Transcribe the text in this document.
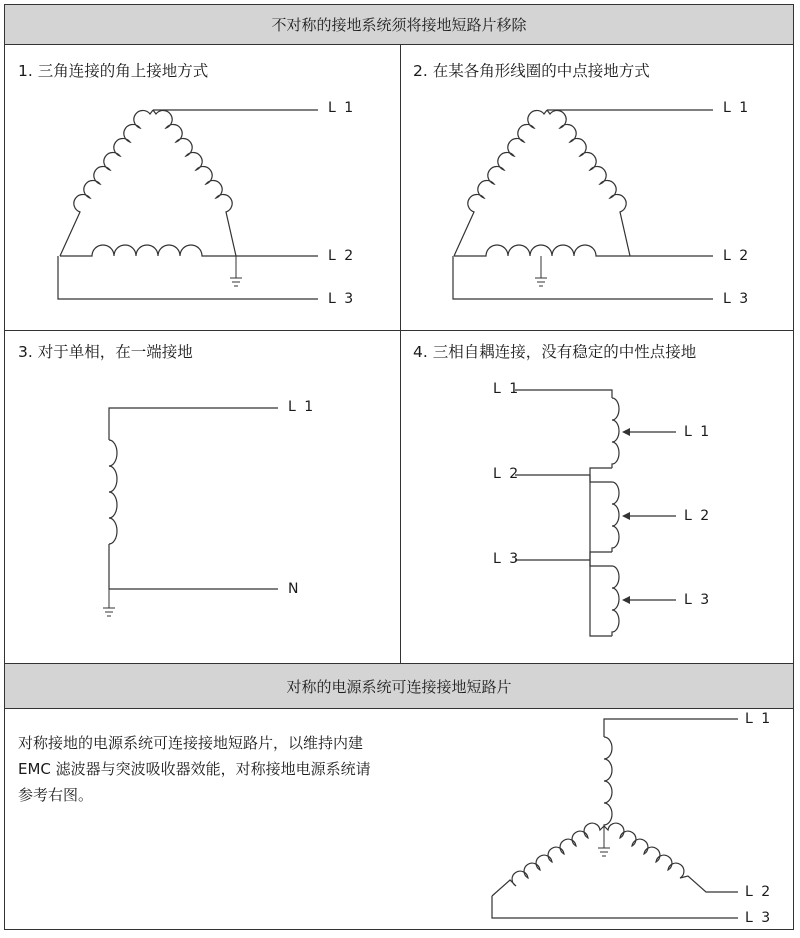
不对称的接地系统须将接地短路片移除
1. 三角连接的角上接地方式
L 1
L 2
L 3
2. 在某各角形线圈的中点接地方式
L 1
L 2
L 3
3. 对于单相，在一端接地
L 1
N
4. 三相自耦连接，没有稳定的中性点接地
L 1
L 2
L 3
L 1
L 2
L 3
对称的电源系统可连接接地短路片
对称接地的电源系统可连接接地短路片，以维持内建
EMC 滤波器与突波吸收器效能，对称接地电源系统请
参考右图。
L 1
L 2
L 3
